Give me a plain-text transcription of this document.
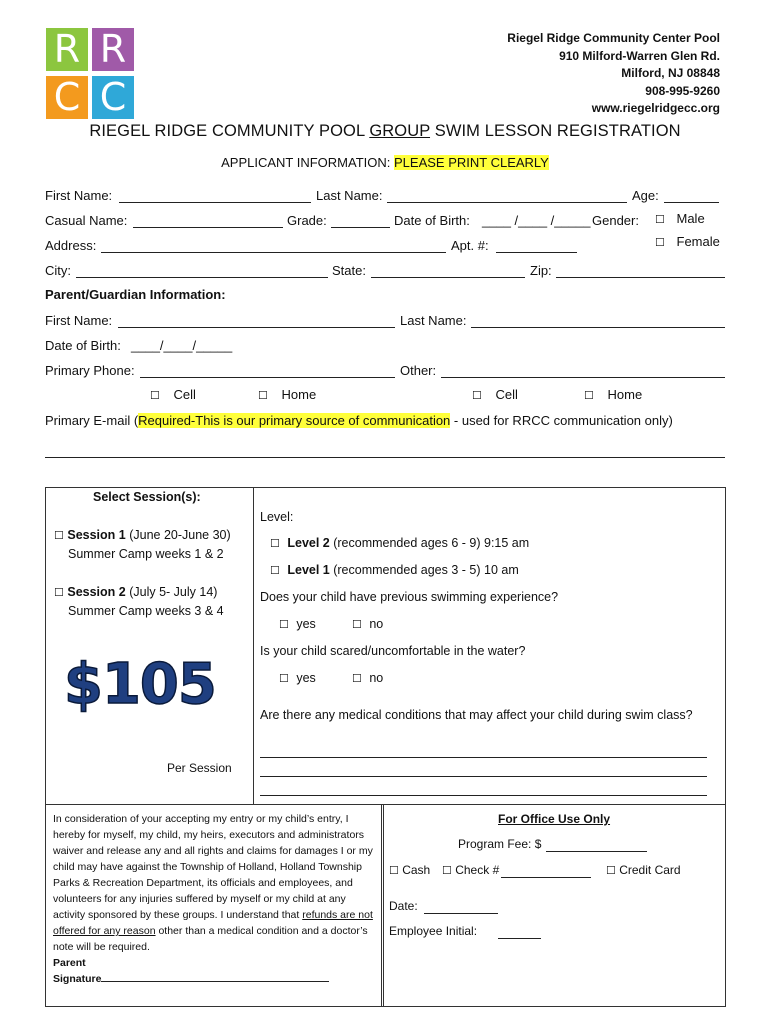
R R
C C
Riegel Ridge Community Center Pool
910 Milford-Warren Glen Rd.
Milford, NJ 08848
908-995-9260
www.riegelridgecc.org
RIEGEL RIDGE COMMUNITY POOL GROUP SWIM LESSON REGISTRATION
APPLICANT INFORMATION: PLEASE PRINT CLEARLY
First Name:	Last Name:	Age:
Casual Name:	Grade:	Date of Birth: ____ /____ /_____ Gender: ☐ Male
☐ Female
Address:	Apt. #:
City:	State:	Zip:
Parent/Guardian Information:
First Name:	Last Name:
Date of Birth: ____/____/_____
Primary Phone:	Other:
☐ Cell	☐ Home	☐ Cell	☐ Home
Primary E-mail (Required-This is our primary source of communication - used for RRCC communication only)
Select Session(s):
☐ Session 1 (June 20-June 30)
Summer Camp weeks 1 & 2
☐ Session 2 (July 5- July 14)
Summer Camp weeks 3 & 4
$105
Per Session
Level:
☐ Level 2 (recommended ages 6 - 9) 9:15 am
☐ Level 1 (recommended ages 3 - 5) 10 am
Does your child have previous swimming experience?
☐ yes	☐ no
Is your child scared/uncomfortable in the water?
☐ yes	☐ no
Are there any medical conditions that may affect your child during swim class?
In consideration of your accepting my entry or my child’s entry, I hereby for myself, my child, my heirs, executors and administrators waiver and release any and all rights and claims for damages I or my child may have against the Township of Holland, Holland Township Parks & Recreation Department, its officials and employees, and volunteers for any injuries suffered by myself or my child at any activity sponsored by these groups. I understand that refunds are not offered for any reason other than a medical condition and a doctor’s note will be required.
Parent
Signature
For Office Use Only
Program Fee: $
☐ Cash ☐ Check #	☐ Credit Card
Date:
Employee Initial:
